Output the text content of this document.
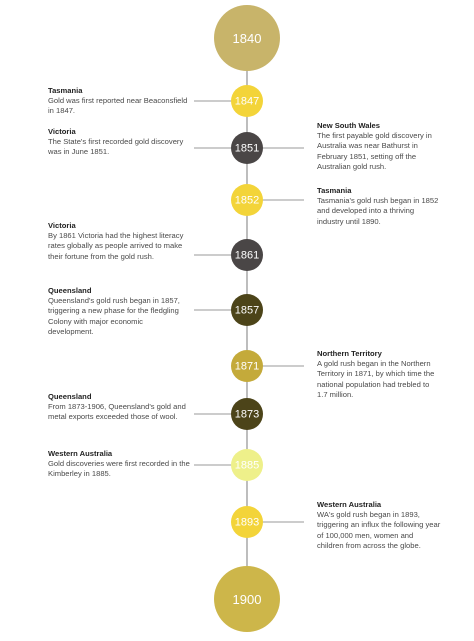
1840
1847
1851
1852
1861
1857
1871
1873
1885
1893
1900
Tasmania
Gold was first reported near Beaconsfield in 1847.
Victoria
The State's first recorded gold discovery was in June 1851.
New South Wales
The first payable gold discovery in Australia was near Bathurst in February 1851, setting off the Australian gold rush.
Tasmania
Tasmania's gold rush began in 1852 and developed into a thriving industry until 1890.
Victoria
By 1861 Victoria had the highest literacy rates globally as people arrived to make their fortune from the gold rush.
Queensland
Queensland's gold rush began in 1857, triggering a new phase for the fledgling Colony with major economic development.
Northern Territory
A gold rush began in the Northern Territory in 1871, by which time the national population had trebled to 1.7 million.
Queensland
From 1873-1906, Queensland's gold and metal exports exceeded those of wool.
Western Australia
Gold discoveries were first recorded in the Kimberley in 1885.
Western Australia
WA's gold rush began in 1893, triggering an influx the following year of 100,000 men, women and children from across the globe.
